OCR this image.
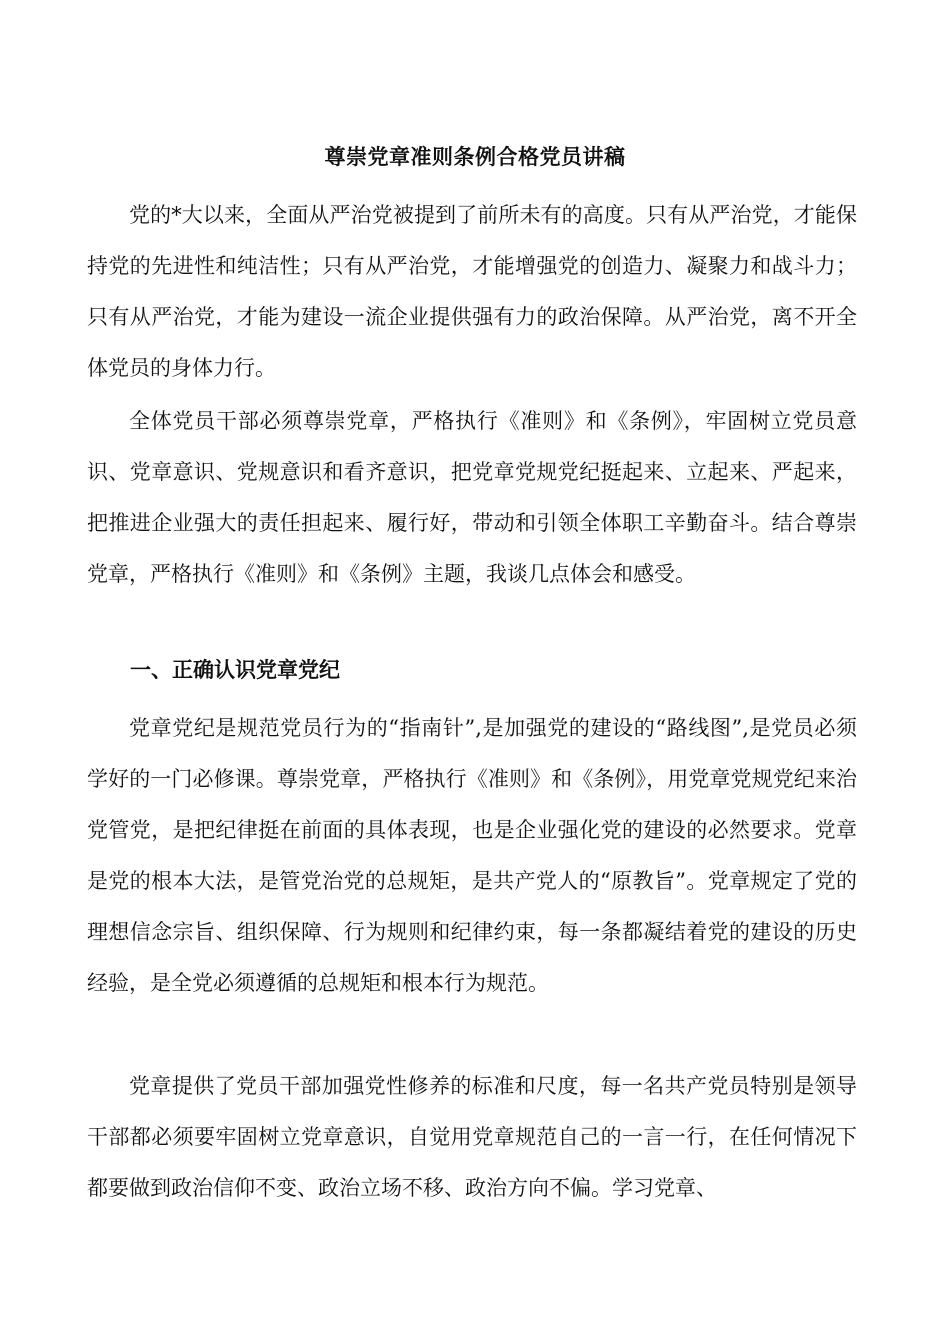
尊崇党章准则条例合格党员讲稿

党的*大以来，全面从严治党被提到了前所未有的高度。只有从严治党，才能保持党的先进性和纯洁性；只有从严治党，才能增强党的创造力、凝聚力和战斗力；只有从严治党，才能为建设一流企业提供强有力的政治保障。从严治党，离不开全体党员的身体力行。

全体党员干部必须尊崇党章，严格执行《准则》和《条例》，牢固树立党员意识、党章意识、党规意识和看齐意识，把党章党规党纪挺起来、立起来、严起来，把推进企业强大的责任担起来、履行好，带动和引领全体职工辛勤奋斗。结合尊崇党章，严格执行《准则》和《条例》主题，我谈几点体会和感受。

一、正确认识党章党纪

党章党纪是规范党员行为的“指南针”,是加强党的建设的“路线图”,是党员必须学好的一门必修课。尊崇党章，严格执行《准则》和《条例》，用党章党规党纪来治党管党，是把纪律挺在前面的具体表现，也是企业强化党的建设的必然要求。党章是党的根本大法，是管党治党的总规矩，是共产党人的“原教旨”。党章规定了党的理想信念宗旨、组织保障、行为规则和纪律约束，每一条都凝结着党的建设的历史经验，是全党必须遵循的总规矩和根本行为规范。

党章提供了党员干部加强党性修养的标准和尺度，每一名共产党员特别是领导干部都必须要牢固树立党章意识，自觉用党章规范自己的一言一行，在任何情况下都要做到政治信仰不变、政治立场不移、政治方向不偏。学习党章、
